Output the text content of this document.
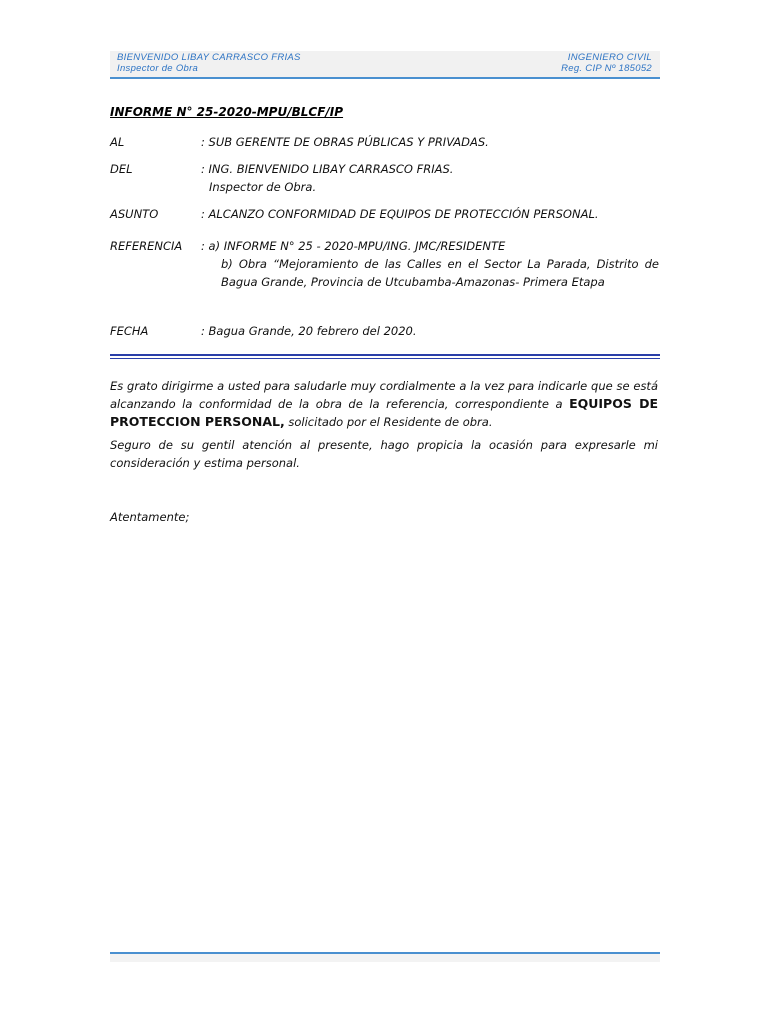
BIENVENIDO LIBAY CARRASCO FRIAS
Inspector de Obra
INGENIERO CIVIL
Reg. CIP Nº 185052
INFORME N° 25-2020-MPU/BLCF/IP
AL	: SUB GERENTE DE OBRAS PÚBLICAS Y PRIVADAS.
DEL	: ING. BIENVENIDO LIBAY CARRASCO FRIAS.
Inspector de Obra.
ASUNTO	: ALCANZO CONFORMIDAD DE EQUIPOS DE PROTECCIÓN PERSONAL.
REFERENCIA : a) INFORME N° 25 - 2020-MPU/ING. JMC/RESIDENTE
b) Obra “Mejoramiento de las Calles en el Sector La Parada, Distrito de Bagua Grande, Provincia de Utcubamba-Amazonas- Primera Etapa
FECHA	: Bagua Grande, 20 febrero del 2020.
Es grato dirigirme a usted para saludarle muy cordialmente a la vez para indicarle que se está alcanzando la conformidad de la obra de la referencia, correspondiente a EQUIPOS DE PROTECCION PERSONAL, solicitado por el Residente de obra.
Seguro de su gentil atención al presente, hago propicia la ocasión para expresarle mi consideración y estima personal.
Atentamente;
